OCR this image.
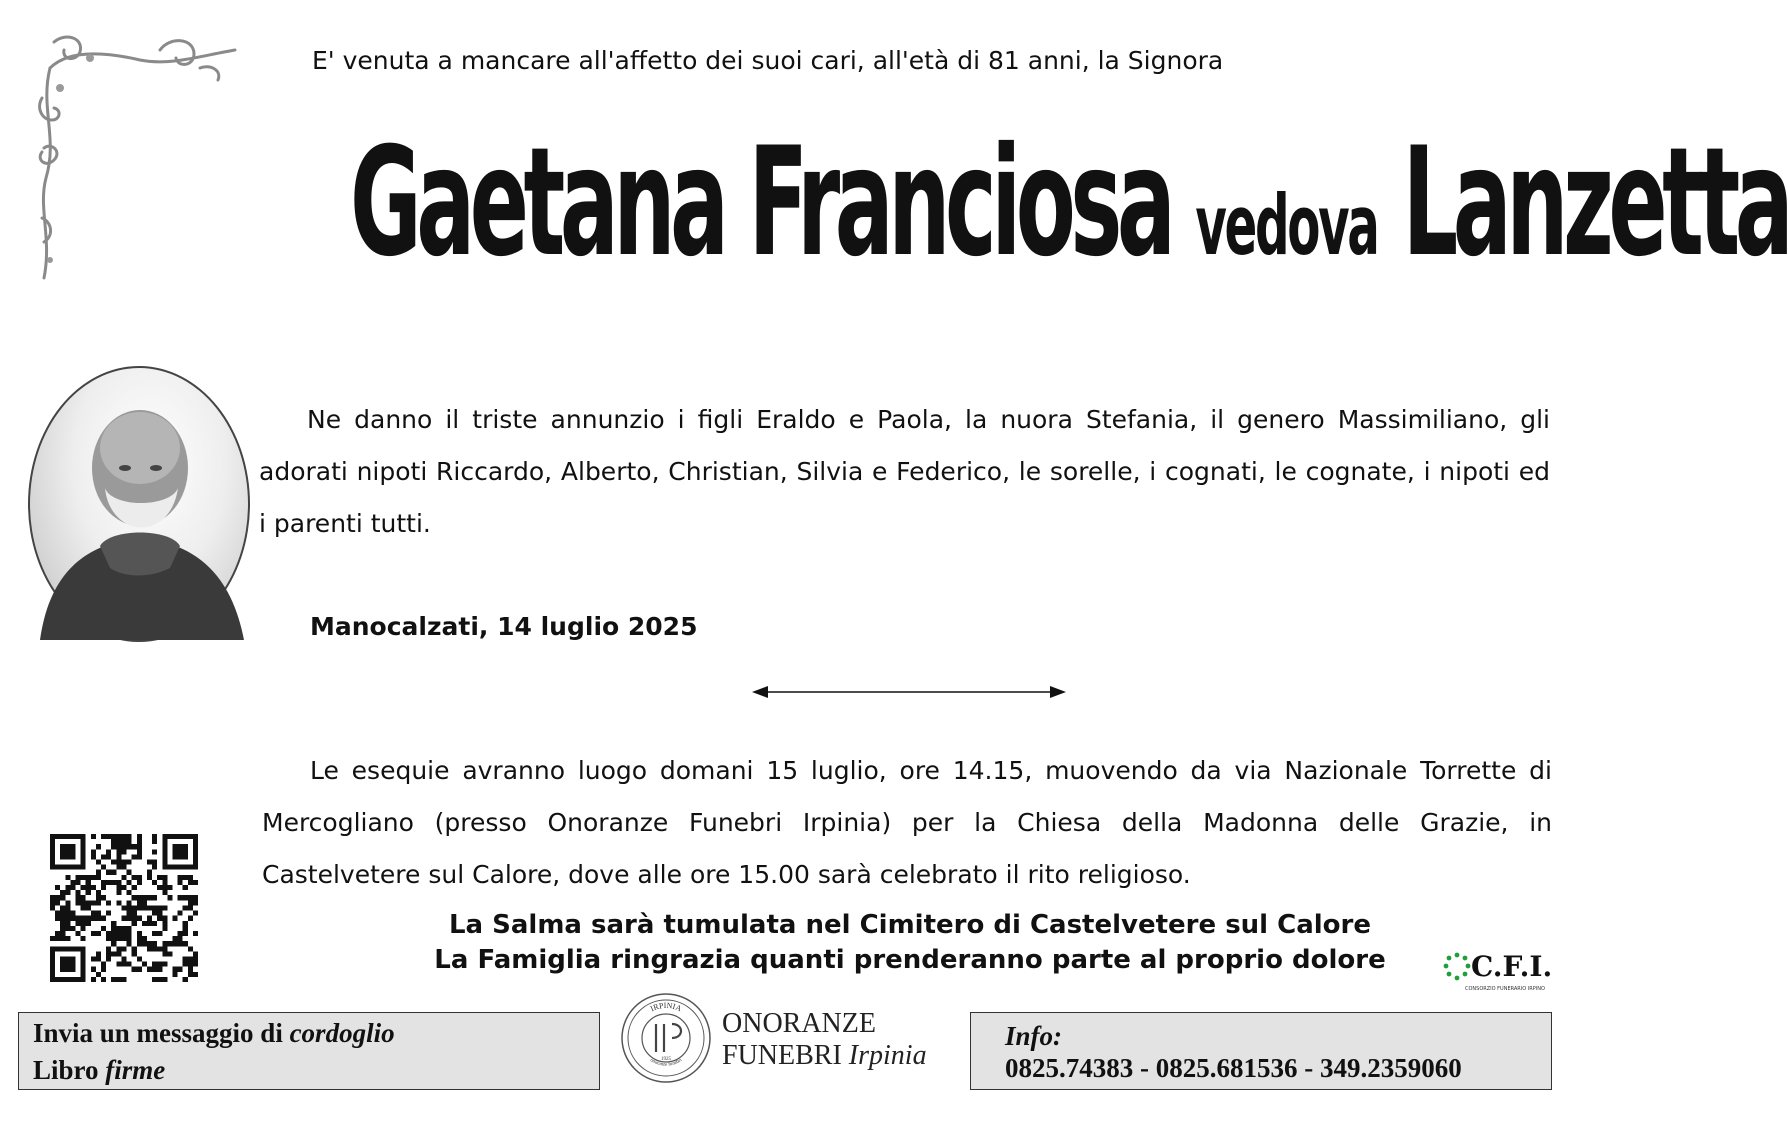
E' venuta a mancare all'affetto dei suoi cari, all'età di 81 anni, la Signora
Gaetana Franciosa vedova Lanzetta
Ne danno il triste annunzio i figli Eraldo e Paola, la nuora Stefania, il genero Massimiliano, gli adorati nipoti Riccardo, Alberto, Christian, Silvia e Federico, le sorelle, i cognati, le cognate, i nipoti ed i parenti tutti.
Manocalzati, 14 luglio 2025
Le esequie avranno luogo domani 15 luglio, ore 14.15, muovendo da via Nazionale Torrette di Mercogliano (presso Onoranze Funebri Irpinia) per la Chiesa della Madonna delle Grazie, in Castelvetere sul Calore, dove alle ore 15.00 sarà celebrato il rito religioso.
La Salma sarà tumulata nel Cimitero di Castelvetere sul Calore
La Famiglia ringrazia quanti prenderanno parte al proprio dolore	C.F.I.
CONSORZIO FUNERARIO IRPINO
Invia un messaggio di cordoglio
Libro firme
IRPINIA
onoranze funebri
1925
ONORANZE
FUNEBRI Irpinia
Info:
0825.74383 - 0825.681536 - 349.2359060
